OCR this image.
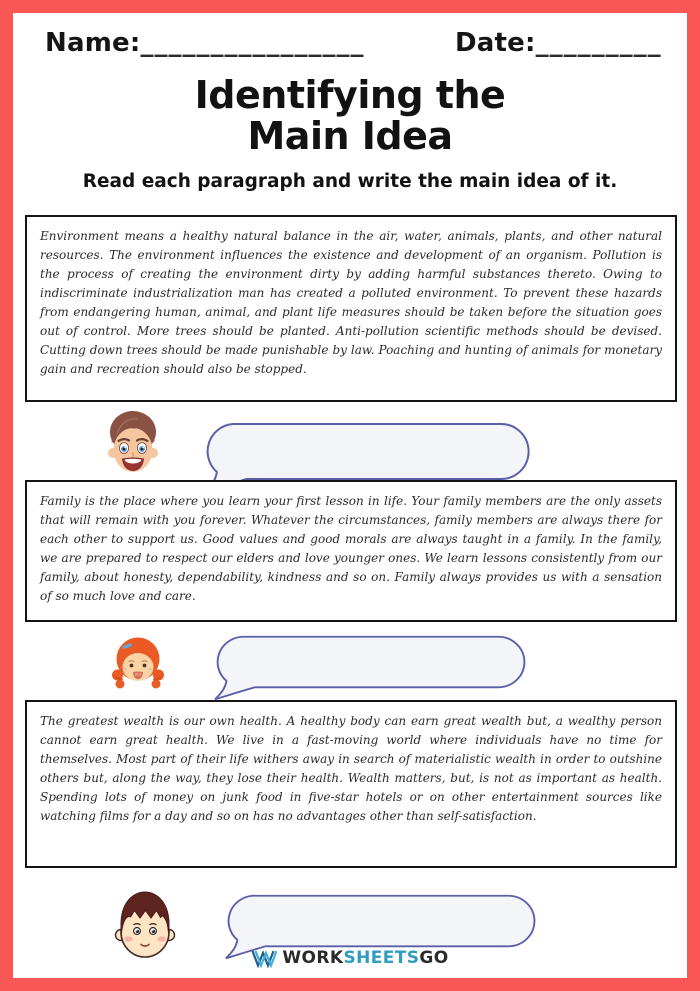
Name:________________	Date:_________
Identifying the
Main Idea
Read each paragraph and write the main idea of it.
Environment means a healthy natural balance in the air, water, animals, plants, and other natural resources. The environment influences the existence and development of an organism. Pollution is the process of creating the environment dirty by adding harmful substances thereto. Owing to indiscriminate industrialization man has created a polluted environment. To prevent these hazards from endangering human, animal, and plant life measures should be taken before the situation goes out of control. More trees should be planted. Anti-pollution scientific methods should be devised. Cutting down trees should be made punishable by law. Poaching and hunting of animals for monetary gain and recreation should also be stopped.
Family is the place where you learn your first lesson in life. Your family members are the only assets that will remain with you forever. Whatever the circumstances, family members are always there for each other to support us. Good values and good morals are always taught in a family. In the family, we are prepared to respect our elders and love younger ones. We learn lessons consistently from our family, about honesty, dependability, kindness and so on. Family always provides us with a sensation of so much love and care.
The greatest wealth is our own health. A healthy body can earn great wealth but, a wealthy person cannot earn great health. We live in a fast-moving world where individuals have no time for themselves. Most part of their life withers away in search of materialistic wealth in order to outshine others but, along the way, they lose their health. Wealth matters, but, is not as important as health. Spending lots of money on junk food in five-star hotels or on other entertainment sources like watching films for a day and so on has no advantages other than self-satisfaction.
WORKSHEETSGO
